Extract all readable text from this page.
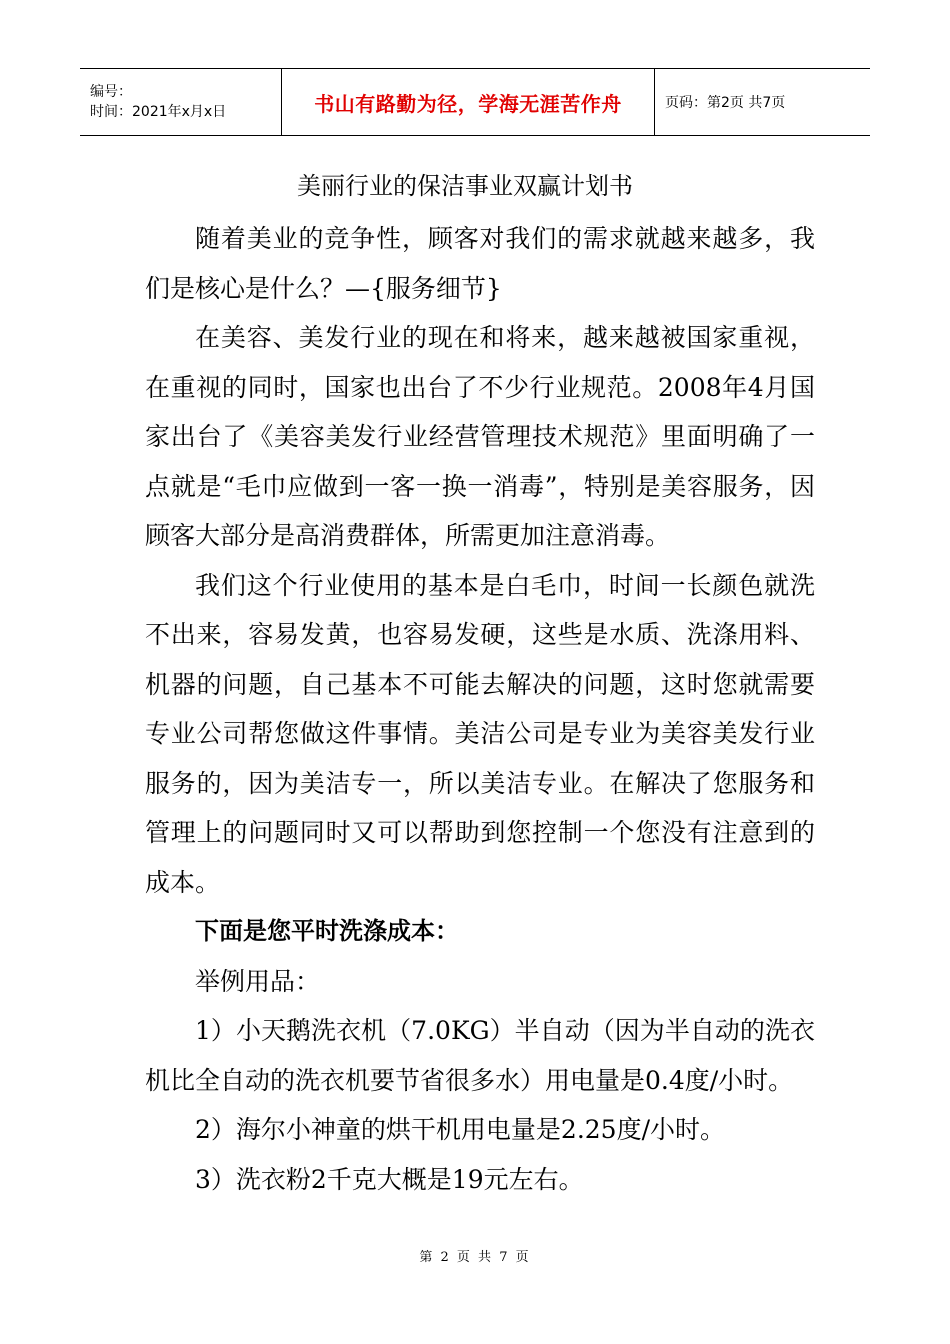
编号：
时间：2021年x月x日	书山有路勤为径，学海无涯苦作舟	页码：第2页 共7页
美丽行业的保洁事业双赢计划书

随着美业的竞争性，顾客对我们的需求就越来越多，我们是核心是什么？—{服务细节}

在美容、美发行业的现在和将来，越来越被国家重视，在重视的同时，国家也出台了不少行业规范。2008年4月国家出台了《美容美发行业经营管理技术规范》里面明确了一点就是“毛巾应做到一客一换一消毒”，特别是美容服务，因顾客大部分是高消费群体，所需更加注意消毒。

我们这个行业使用的基本是白毛巾，时间一长颜色就洗不出来，容易发黄，也容易发硬，这些是水质、洗涤用料、机器的问题，自己基本不可能去解决的问题，这时您就需要专业公司帮您做这件事情。美洁公司是专业为美容美发行业服务的，因为美洁专一，所以美洁专业。在解决了您服务和管理上的问题同时又可以帮助到您控制一个您没有注意到的成本。

下面是您平时洗涤成本：

举例用品：

1）小天鹅洗衣机（7.0KG）半自动（因为半自动的洗衣机比全自动的洗衣机要节省很多水）用电量是0.4度/小时。

2）海尔小神童的烘干机用电量是2.25度/小时。

3）洗衣粉2千克大概是19元左右。

第 2 页 共 7 页
